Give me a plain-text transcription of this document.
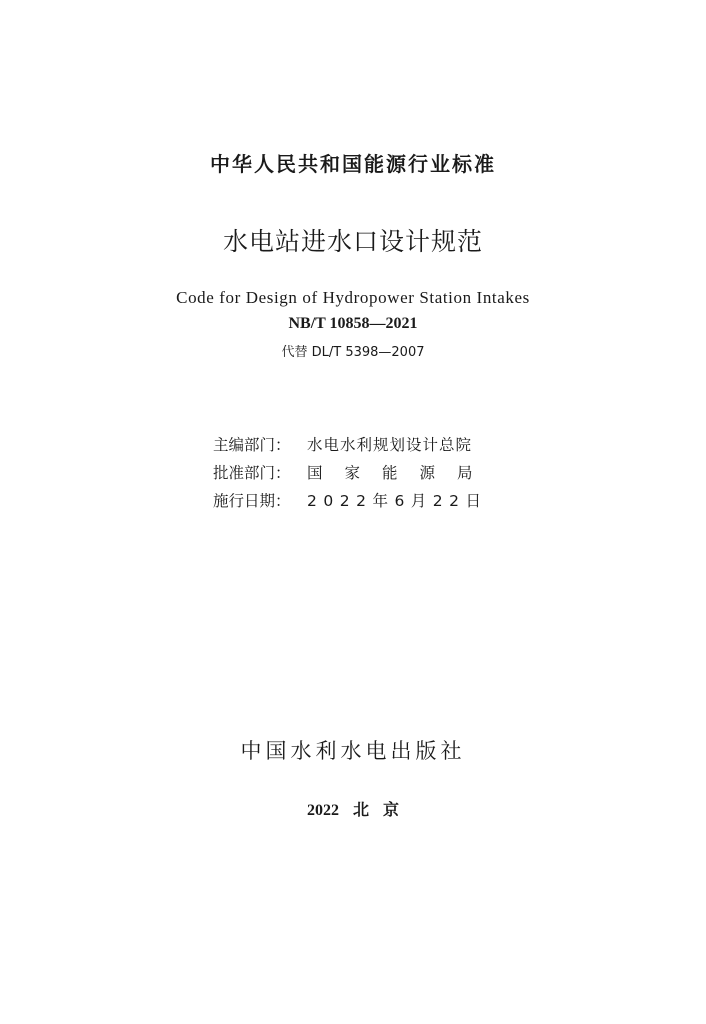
中华人民共和国能源行业标准
水电站进水口设计规范
Code for Design of Hydropower Station Intakes
NB/T 10858—2021
代替 DL/T 5398—2007
主编部门： 水电水利规划设计总院
批准部门： 国家能源局
施行日期： 2022年6月22日
中国水利水电出版社
2022 北 京
